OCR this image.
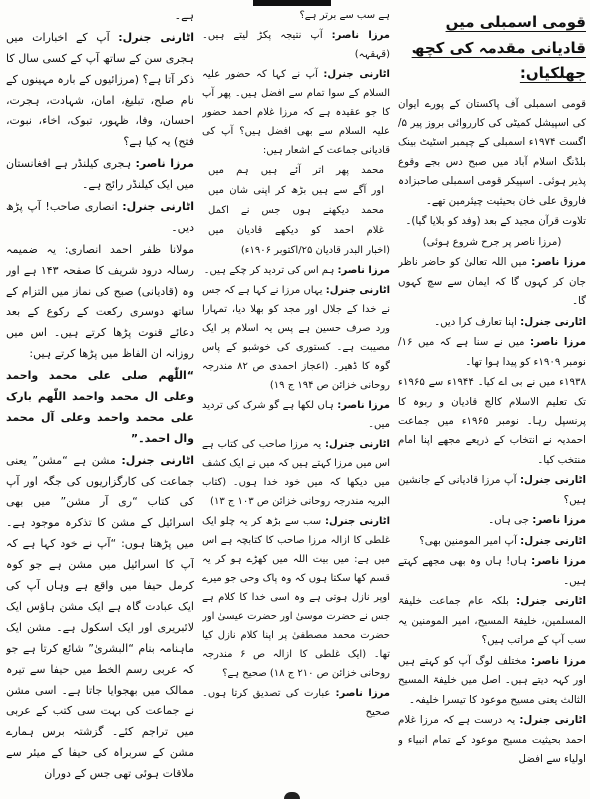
قومی اسمبلی میں قادیانی مقدمہ کی کچھ جھلکیاں:

قومی اسمبلی آف پاکستان کے پورے ایوان کی اسپیشل کمیٹی کی کارروائی بروز پیر ۵/اگست ۱۹۷۴ء اسمبلی کے چیمبر اسٹیٹ بینک بلڈنگ اسلام آباد میں صبح دس بجے وقوع پذیر ہوئی۔ اسپیکر قومی اسمبلی صاحبزادہ فاروق علی خان بحیثیت چیئرمین تھے۔

تلاوت قرآن مجید کے بعد (وفد کو بلایا گیا)۔

(مرزا ناصر پر جرح شروع ہوئی)

مرزا ناصر: میں اللہ تعالیٰ کو حاضر ناظر جان کر کہوں گا کہ ایمان سے سچ کہوں گا۔

اٹارنی جنرل: اپنا تعارف کرا دیں۔

مرزا ناصر: میں نے سنا ہے کہ میں ۱۶/نومبر ۱۹۰۹ء کو پیدا ہوا تھا۔

۱۹۳۸ء میں نے بی اے کیا۔ ۱۹۴۴ء سے ۱۹۶۵ء تک تعلیم الاسلام کالج قادیان و ربوہ کا پرنسپل رہا۔ نومبر ۱۹۶۵ء میں جماعت احمدیہ نے انتخاب کے ذریعے مجھے اپنا امام منتخب کیا۔

اٹارنی جنرل: آپ مرزا قادیانی کے جانشین ہیں؟

مرزا ناصر: جی ہاں۔

اٹارنی جنرل: آپ امیر المومنین بھی؟

مرزا ناصر: ہاں! ہاں وہ بھی مجھے کہتے ہیں۔

اٹارنی جنرل: بلکہ عام جماعت خلیفۃ المسلمین، خلیفۃ المسیح، امیر المومنین یہ سب آپ کے مراتب ہیں؟

مرزا ناصر: مختلف لوگ آپ کو کہتے ہیں اور کہہ دیتے ہیں۔ اصل میں خلیفۃ المسیح الثالث یعنی مسیح موعود کا تیسرا خلیفہ۔

اٹارنی جنرل: یہ درست ہے کہ مرزا غلام احمد بحیثیت مسیح موعود کے تمام انبیاء و اولیاء سے افضل

ہے سب سے برتر ہے؟

مرزا ناصر: آپ نتیجہ پکڑ لیتے ہیں۔ (قہقہہ)

اٹارنی جنرل: آپ نے کہا کہ حضور علیہ السلام کے سوا تمام سے افضل ہیں۔ پھر آپ کا جو عقیدہ ہے کہ مرزا غلام احمد حضور علیہ السلام سے بھی افضل ہیں؟ آپ کی قادیانی جماعت کے اشعار ہیں:

محمد پھر اتر آئے ہیں ہم میں

اور آگے سے ہیں بڑھ کر اپنی شان میں

محمد دیکھنے ہوں جس نے اکمل

غلام احمد کو دیکھے قادیان میں

(اخبار البدر قادیان ۲۵/اکتوبر ۱۹۰۶ء)

مرزا ناصر: ہم اس کی تردید کر چکے ہیں۔

اٹارنی جنرل: یہاں مرزا نے کہا ہے کہ جس نے خدا کے جلال اور مجد کو بھلا دیا، تمہارا ورد صرف حسین ہے پس یہ اسلام پر ایک مصیبت ہے۔ کستوری کی خوشبو کے پاس گوہ کا ڈھیر۔ (اعجاز احمدی ص ۸۲ مندرجہ روحانی خزائن ص ۱۹۴ ج ۱۹)

مرزا ناصر: ہاں لکھا ہے گو شرک کی تردید میں۔

اٹارنی جنرل: یہ مرزا صاحب کی کتاب ہے اس میں مرزا کہتے ہیں کہ میں نے ایک کشف میں دیکھا کہ میں خود خدا ہوں۔ (کتاب البریہ مندرجہ روحانی خزائن ص ۱۰۳ ج ۱۳)

اٹارنی جنرل: سب سے بڑھ کر یہ چلو ایک غلطی کا ازالہ مرزا صاحب کا کتابچہ ہے اس میں ہے: میں بیت اللہ میں کھڑے ہو کر یہ قسم کھا سکتا ہوں کہ وہ پاک وحی جو میرے اوپر نازل ہوتی ہے وہ اسی خدا کا کلام ہے جس نے حضرت موسیٰ اور حضرت عیسیٰ اور حضرت محمد مصطفیٰ پر اپنا کلام نازل کیا تھا۔ (ایک غلطی کا ازالہ ص ۶ مندرجہ روحانی خزائن ص ۲۱۰ ج ۱۸) صحیح ہے؟

مرزا ناصر: عبارت کی تصدیق کرتا ہوں۔ صحیح

ہے۔

اٹارنی جنرل: آپ کے اخبارات میں ہجری سن کے ساتھ آپ کے کسی سال کا ذکر آتا ہے؟ (مرزائیوں کے بارہ مہینوں کے نام صلح، تبلیغ، امان، شہادت، ہجرت، احسان، وفا، ظہور، تبوک، اخاء، نبوت، فتح) یہ کیا ہے؟

مرزا ناصر: ہجری کیلنڈر ہے افغانستان میں ایک کیلنڈر رائج ہے۔

اٹارنی جنرل: انصاری صاحب! آپ پڑھ دیں۔

مولانا ظفر احمد انصاری: یہ ضمیمہ رسالہ درود شریف کا صفحہ ۱۴۳ ہے اور وہ (قادیانی) صبح کی نماز میں التزام کے ساتھ دوسری رکعت کے رکوع کے بعد دعائے قنوت پڑھا کرتے ہیں۔ اس میں روزانہ ان الفاظ میں پڑھا کرتے ہیں:

“اللّٰھم صلی علی محمد واحمد وعلی ال محمد واحمد اللّٰھم بارک علی محمد واحمد وعلی آل محمد وال احمد۔”

اٹارنی جنرل: مشن ہے “مشن” یعنی جماعت کی کارگزاریوں کی جگہ اور آپ کی کتاب “ری آر مشن” میں بھی اسرائیل کے مشن کا تذکرہ موجود ہے۔ میں پڑھتا ہوں: “آپ نے خود کہا ہے کہ آپ کا اسرائیل میں مشن ہے جو کوہ کرمل حیفا میں واقع ہے وہاں آپ کی ایک عبادت گاہ ہے ایک مشن ہاؤس ایک لائبریری اور ایک اسکول ہے۔ مشن ایک ماہنامہ بنام “البشریٰ” شائع کرتا ہے جو کہ عربی رسم الخط میں حیفا سے تیرہ ممالک میں بھجوایا جاتا ہے۔ اسی مشن نے جماعت کی بہت سی کتب کے عربی میں تراجم کئے۔ گزشتہ برس ہمارے مشن کے سربراہ کی حیفا کے میئر سے ملاقات ہوئی تھی جس کے دوران
